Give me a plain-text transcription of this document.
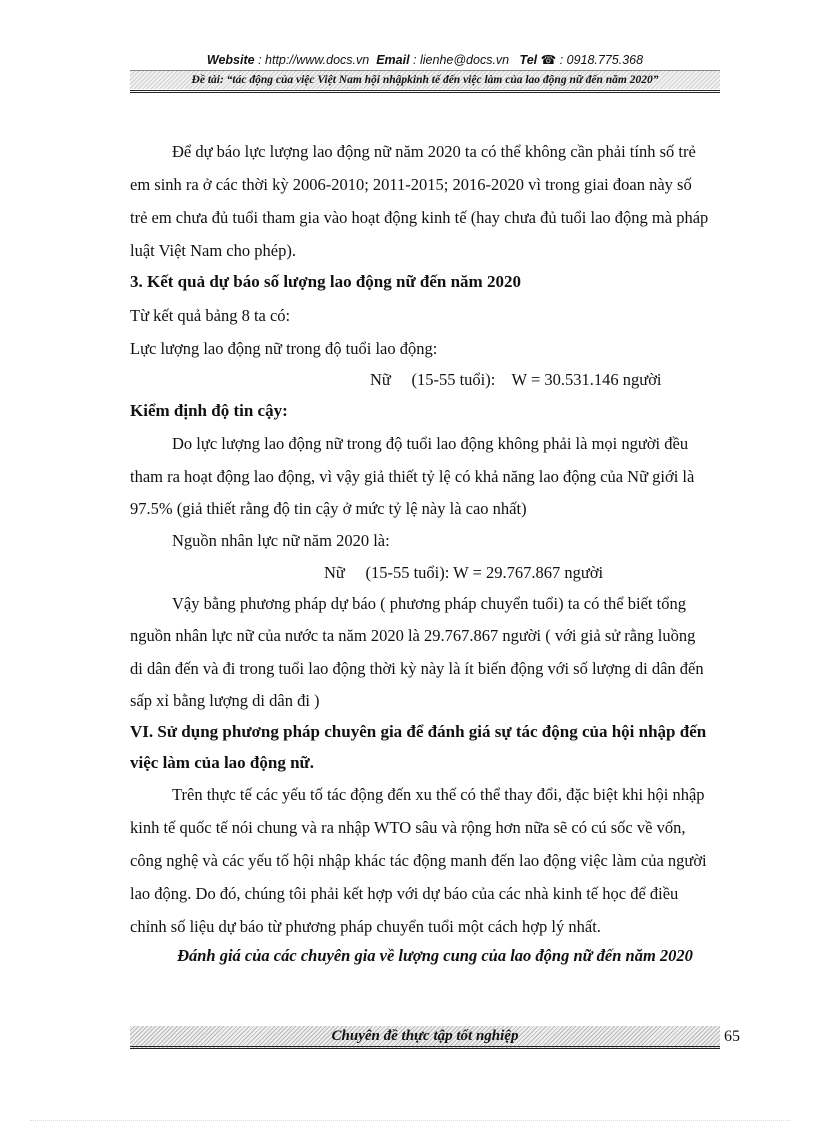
Website : http://www.docs.vn Email : lienhe@docs.vn Tel ☎ : 0918.775.368
Đề tài: “tác động của việc Việt Nam hội nhậpkinh tế đến việc làm của lao động nữ đến năm 2020”
Để dự báo lực lượng lao động nữ năm 2020 ta có thể không cần phải tính số trẻ
em sinh ra ở các thời kỳ 2006-2010; 2011-2015; 2016-2020 vì trong giai đoan này số
trẻ em chưa đủ tuổi tham gia vào hoạt động kinh tế (hay chưa đủ tuổi lao động mà pháp
luật Việt Nam cho phép).
3. Kết quả dự báo số lượng lao động nữ đến năm 2020
Từ kết quả bảng 8 ta có:
Lực lượng lao động nữ trong độ tuổi lao động:
Nữ     (15-55 tuổi):    W = 30.531.146 người
Kiểm định độ tin cậy:
Do lực lượng lao động nữ trong độ tuổi lao động không phải là mọi người đều
tham ra hoạt động lao động, vì vậy giả thiết tỷ lệ có khả năng lao động của Nữ giới là
97.5% (giả thiết rằng độ tin cậy ở mức tỷ lệ này là cao nhất)
Nguồn nhân lực nữ năm 2020 là:
Nữ     (15-55 tuổi): W = 29.767.867 người
Vậy bằng phương pháp dự báo ( phương pháp chuyển tuổi) ta có thể biết tổng
nguồn nhân lực nữ của nước ta năm 2020 là 29.767.867 người ( với giả sử rằng luồng
di dân đến và đi trong tuổi lao động thời kỳ này là ít biến động với số lượng di dân đến
sấp xỉ bằng lượng di dân đi )
VI. Sử dụng phương pháp chuyên gia để đánh giá sự tác động của hội nhập đến
việc làm của lao động nữ.
Trên thực tế các yếu tố tác động đến xu thế có thể thay đổi, đặc biệt khi hội nhập
kinh tế quốc tế nói chung và ra nhập WTO sâu và rộng hơn nữa sẽ có cú sốc về vốn,
công nghệ và các yếu tố hội nhập khác tác động manh đến lao động việc làm của người
lao động. Do đó, chúng tôi phải kết hợp với dự báo của các nhà kinh tế học để điều
chỉnh số liệu dự báo từ phương pháp chuyển tuổi một cách hợp lý nhất.
Đánh giá của các chuyên gia về lượng cung của lao động nữ đến năm 2020
Chuyên đề thực tập tốt nghiệp	65
